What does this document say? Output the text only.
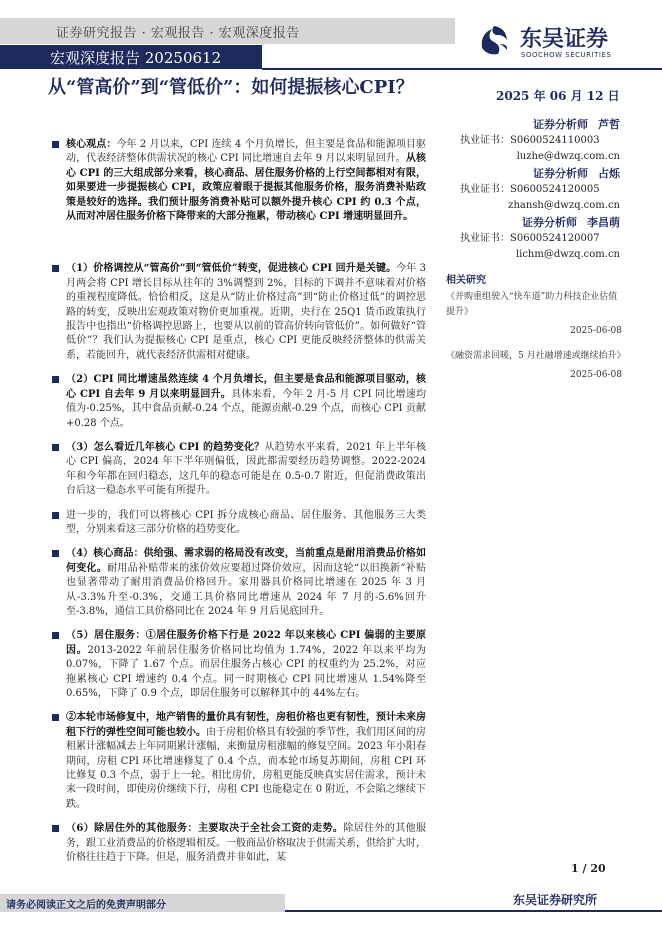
证券研究报告 · 宏观报告 · 宏观深度报告
宏观深度报告 20250612
东吴证券
SOOCHOW SECURITIES
从“管高价”到“管低价”：如何提振核心CPI？	2025 年 06 月 12 日
证券分析师 芦哲
执业证书：S0600524110003
luzhe@dwzq.com.cn
证券分析师 占烁
执业证书：S0600524120005
zhansh@dwzq.com.cn
证券分析师 李昌萌
执业证书：S0600524120007
lichm@dwzq.com.cn
相关研究
《并购重组驶入“快车道”助力科技企业估值提升》
2025-06-08
《融资需求回暖，5 月社融增速或继续抬升》
2025-06-08
核心观点：今年 2 月以来，CPI 连续 4 个月负增长，但主要是食品和能源项目驱动，代表经济整体供需状况的核心 CPI 同比增速自去年 9 月以来明显回升。从核心 CPI 的三大组成部分来看，核心商品、居住服务价格的上行空间都相对有限，如果要进一步提振核心 CPI，政策应着眼于提振其他服务价格，服务消费补贴政策是较好的选择。我们预计服务消费补贴可以额外提升核心 CPI 约 0.3 个点，从而对冲居住服务价格下降带来的大部分拖累，带动核心 CPI 增速明显回升。
（1）价格调控从“管高价”到“管低价”转变，促进核心 CPI 回升是关键。今年 3 月两会将 CPI 增长目标从往年的 3%调整到 2%，目标的下调并不意味着对价格的重视程度降低。恰恰相反，这是从“防止价格过高”到“防止价格过低”的调控思路的转变，反映出宏观政策对物价更加重视。近期，央行在 25Q1 货币政策执行报告中也指出“价格调控思路上，也要从以前的管高价转向管低价”。如何做好“管低价”？我们认为提振核心 CPI 是重点，核心 CPI 更能反映经济整体的供需关系，若能回升，就代表经济供需相对健康。
（2）CPI 同比增速虽然连续 4 个月负增长，但主要是食品和能源项目驱动，核心 CPI 自去年 9 月以来明显回升。具体来看，今年 2 月-5 月 CPI 同比增速均值为-0.25%，其中食品贡献-0.24 个点，能源贡献-0.29 个点，而核心 CPI 贡献+0.28 个点。
（3）怎么看近几年核心 CPI 的趋势变化？从趋势水平来看，2021 年上半年核心 CPI 偏高，2024 年下半年则偏低，因此都需要经历趋势调整。2022-2024 年和今年都在回归稳态，这几年的稳态可能是在 0.5-0.7 附近，但促消费政策出台后这一稳态水平可能有所提升。
进一步的，我们可以将核心 CPI 拆分成核心商品、居住服务、其他服务三大类型，分别来看这三部分价格的趋势变化。
（4）核心商品：供给强、需求弱的格局没有改变，当前重点是耐用消费品价格如何变化。耐用品补贴带来的涨价效应要超过降价效应，因而这轮“以旧换新”补贴也显著带动了耐用消费品价格回升。家用器具价格同比增速在 2025 年 3 月从-3.3%升至-0.3%，交通工具价格同比增速从 2024 年 7 月的-5.6%回升至-3.8%，通信工具价格同比在 2024 年 9 月后见底回升。
（5）居住服务：①居住服务价格下行是 2022 年以来核心 CPI 偏弱的主要原因。2013-2022 年前居住服务价格同比均值为 1.74%，2022 年以来平均为 0.07%，下降了 1.67 个点。而居住服务占核心 CPI 的权重约为 25.2%，对应拖累核心 CPI 增速约 0.4 个点。同一时期核心 CPI 同比增速从 1.54%降至 0.65%，下降了 0.9 个点，即居住服务可以解释其中的 44%左右。
②本轮市场修复中，地产销售的量价具有韧性，房租价格也更有韧性，预计未来房租下行的弹性空间可能也较小。由于房租价格具有较强的季节性，我们用区间的房租累计涨幅减去上年同期累计涨幅，来衡量房租涨幅的修复空间。2023 年小阳春期间，房租 CPI 环比增速修复了 0.4 个点，而本轮市场复苏期间，房租 CPI 环比修复 0.3 个点，弱于上一轮。相比房价，房租更能反映真实居住需求，预计未来一段时间，即使房价继续下行，房租 CPI 也能稳定在 0 附近，不会陷之继续下跌。
（6）除居住外的其他服务：主要取决于全社会工资的走势。除居住外的其他服务，跟工业消费品的价格逻辑相反。一般商品价格取决于供需关系，供给扩大时，价格往往趋于下降。但是，服务消费并非如此，某
1 / 20
请务必阅读正文之后的免责声明部分	东吴证券研究所
